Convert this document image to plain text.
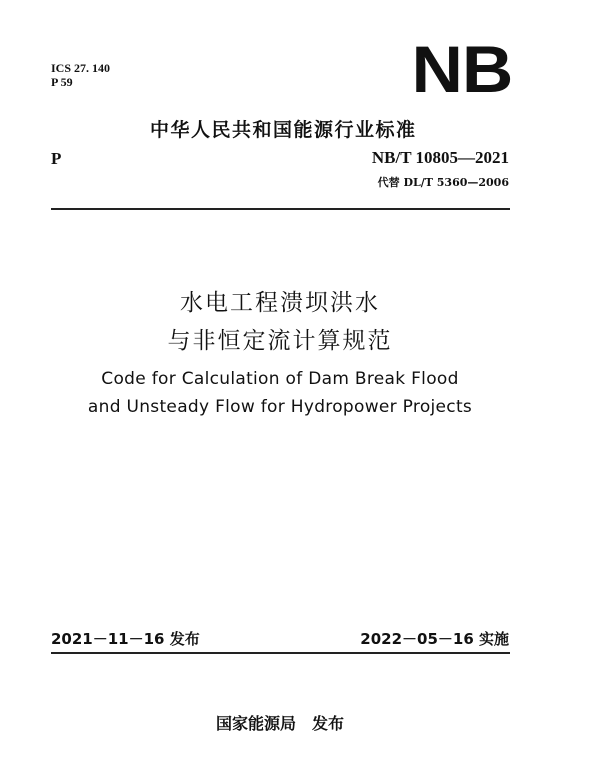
ICS 27. 140
P 59	NB
中华人民共和国能源行业标准
P	NB/T 10805—2021
代替 DL/T 5360—2006
水电工程溃坝洪水
与非恒定流计算规范
Code for Calculation of Dam Break Flood
and Unsteady Flow for Hydropower Projects
2021－11－16 发布	2022－05－16 实施
国家能源局　发布
